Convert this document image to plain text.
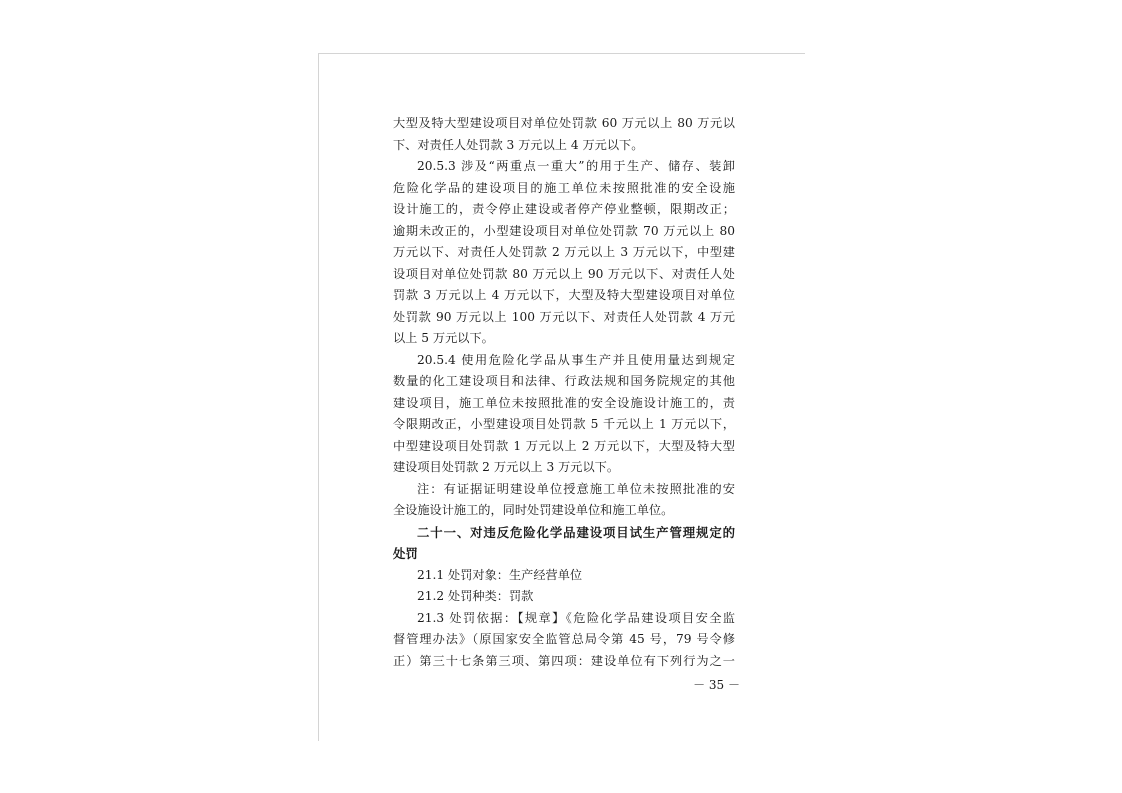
大型及特大型建设项目对单位处罚款 60 万元以上 80 万元以
下、对责任人处罚款 3 万元以上 4 万元以下。
20.5.3 涉及“两重点一重大”的用于生产、储存、装卸
危险化学品的建设项目的施工单位未按照批准的安全设施
设计施工的，责令停止建设或者停产停业整顿，限期改正；
逾期未改正的，小型建设项目对单位处罚款 70 万元以上 80
万元以下、对责任人处罚款 2 万元以上 3 万元以下，中型建
设项目对单位处罚款 80 万元以上 90 万元以下、对责任人处
罚款 3 万元以上 4 万元以下，大型及特大型建设项目对单位
处罚款 90 万元以上 100 万元以下、对责任人处罚款 4 万元
以上 5 万元以下。
20.5.4 使用危险化学品从事生产并且使用量达到规定
数量的化工建设项目和法律、行政法规和国务院规定的其他
建设项目，施工单位未按照批准的安全设施设计施工的，责
令限期改正，小型建设项目处罚款 5 千元以上 1 万元以下，
中型建设项目处罚款 1 万元以上 2 万元以下，大型及特大型
建设项目处罚款 2 万元以上 3 万元以下。
注：有证据证明建设单位授意施工单位未按照批准的安
全设施设计施工的，同时处罚建设单位和施工单位。
二十一、对违反危险化学品建设项目试生产管理规定的
处罚
21.1 处罚对象：生产经营单位
21.2 处罚种类：罚款
21.3 处罚依据：【规章】《危险化学品建设项目安全监
督管理办法》（原国家安全监管总局令第 45 号，79 号令修
正）第三十七条第三项、第四项：建设单位有下列行为之一
－ 35 －
